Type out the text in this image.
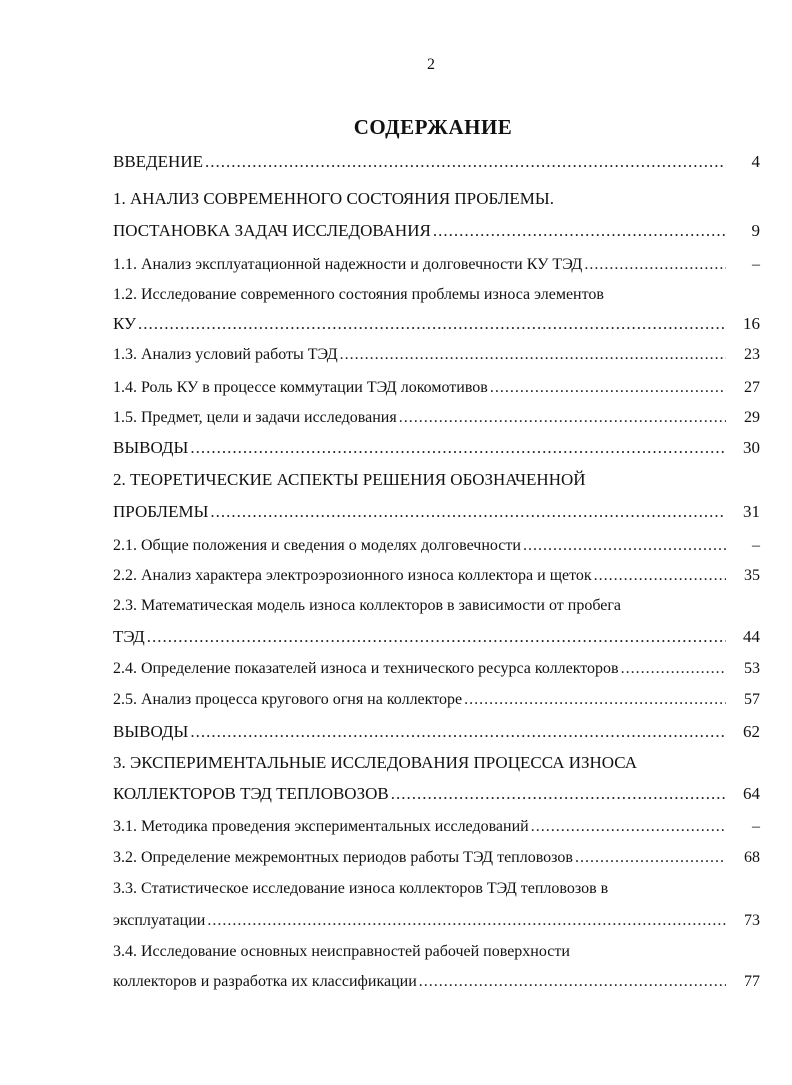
2
СОДЕРЖАНИЕ
ВВЕДЕНИЕ .....	4
1. АНАЛИЗ СОВРЕМЕННОГО СОСТОЯНИЯ ПРОБЛЕМЫ.
ПОСТАНОВКА ЗАДАЧ ИССЛЕДОВАНИЯ .....	9
1.1. Анализ эксплуатационной надежности и долговечности КУ ТЭД .....	–
1.2. Исследование современного состояния проблемы износа элементов
КУ .....	16
1.3. Анализ условий работы ТЭД .....	23
1.4. Роль КУ в процессе коммутации ТЭД локомотивов .....	27
1.5. Предмет, цели и задачи исследования .....	29
ВЫВОДЫ .....	30
2. ТЕОРЕТИЧЕСКИЕ АСПЕКТЫ РЕШЕНИЯ ОБОЗНАЧЕННОЙ
ПРОБЛЕМЫ .....	31
2.1. Общие положения и сведения о моделях долговечности .....	–
2.2. Анализ характера электроэрозионного износа коллектора и щеток .....	35
2.3. Математическая модель износа коллекторов в зависимости от пробега
ТЭД .....	44
2.4. Определение показателей износа и технического ресурса коллекторов .....	53
2.5. Анализ процесса кругового огня на коллекторе .....	57
ВЫВОДЫ .....	62
3. ЭКСПЕРИМЕНТАЛЬНЫЕ ИССЛЕДОВАНИЯ ПРОЦЕССА ИЗНОСА
КОЛЛЕКТОРОВ ТЭД ТЕПЛОВОЗОВ .....	64
3.1. Методика проведения экспериментальных исследований .....	–
3.2. Определение межремонтных периодов работы ТЭД тепловозов .....	68
3.3. Статистическое исследование износа коллекторов ТЭД тепловозов в
эксплуатации .....	73
3.4. Исследование основных неисправностей рабочей поверхности
коллекторов и разработка их классификации .....	77
